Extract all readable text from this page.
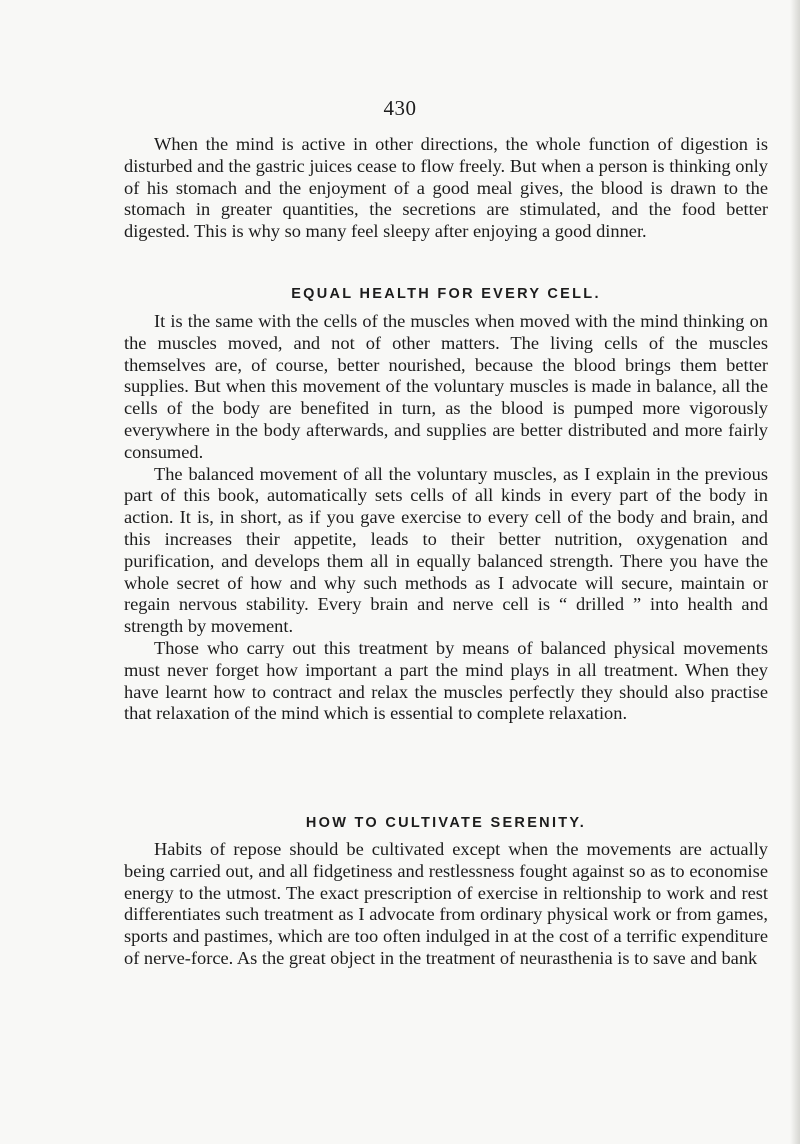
430

When the mind is active in other directions, the whole function of digestion is disturbed and the gastric juices cease to flow freely. But when a person is thinking only of his stomach and the enjoyment of a good meal gives, the blood is drawn to the stomach in greater quantities, the secretions are stimulated, and the food better digested. This is why so many feel sleepy after enjoying a good dinner.

EQUAL HEALTH FOR EVERY CELL.

It is the same with the cells of the muscles when moved with the mind thinking on the muscles moved, and not of other matters. The living cells of the muscles themselves are, of course, better nourished, because the blood brings them better supplies. But when this movement of the voluntary muscles is made in balance, all the cells of the body are benefited in turn, as the blood is pumped more vigorously everywhere in the body afterwards, and supplies are better distributed and more fairly consumed.

The balanced movement of all the voluntary muscles, as I explain in the previous part of this book, automatically sets cells of all kinds in every part of the body in action. It is, in short, as if you gave exercise to every cell of the body and brain, and this increases their appetite, leads to their better nutrition, oxygenation and purification, and develops them all in equally balanced strength. There you have the whole secret of how and why such methods as I advocate will secure, maintain or regain nervous stability. Every brain and nerve cell is “ drilled ” into health and strength by movement.

Those who carry out this treatment by means of balanced physical movements must never forget how important a part the mind plays in all treatment. When they have learnt how to contract and relax the muscles perfectly they should also practise that relaxation of the mind which is essential to complete relaxation.

HOW TO CULTIVATE SERENITY.

Habits of repose should be cultivated except when the movements are actually being carried out, and all fidgetiness and restlessness fought against so as to economise energy to the utmost. The exact prescription of exercise in reltionship to work and rest differentiates such treatment as I advocate from ordinary physical work or from games, sports and pastimes, which are too often indulged in at the cost of a terrific expenditure of nerve-force. As the great object in the treatment of neurasthenia is to save and bank
